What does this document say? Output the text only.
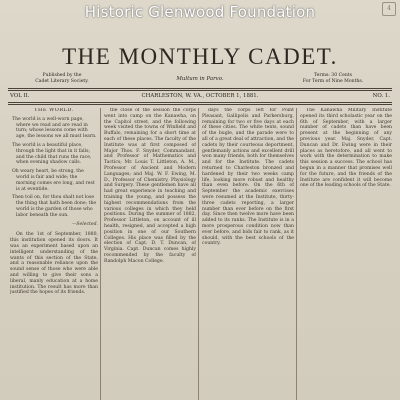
4
Historic Glenwood Foundation
THE MONTHLY CADET.
Published by the
Cadet Literary Society.	Multum in Parvo.
Terms: 30 Cents
For Term of Nine Months.
VOL II.	CHARLESTON, W. VA., OCTOBER 1, 1881.	NO. 1.
THE WORLD.

The world is a well-worn page, where we read and are read in turn; whose lessons come with age, the lessons we all must learn.

The world is a beautiful place, through the light that in it falls; and the child that runs the race, when evening shadow calls.

Oh weary heart, be strong, the world is fair and wide; the morning comes ere long, and rest is at eventide.

Then toil on, for thou shalt not lose the thing that hath been done; the world is the garden of those who labor beneath the sun.

—Selected.

On the 1st of September, 1880, this institution opened its doors. It was an experiment based upon an intelligent understanding of the wants of this section of the State, and a reasonable reliance upon the sound sense of those who were able and willing to give their sons a liberal, manly education at a home institution. The result has more than justified the hopes of its friends.

the close of the session the corps went into camp on the Kanawha, on the Capitol street, and the following week visited the towns of Winfield and Buffalo, remaining for a short time at each of these places. The faculty of the Institute was at first composed of Major Thos. F. Snyder, Commandant, and Professor of Mathematics and Tactics; Mr. Louis T. Littleton, A. M., Professor of Ancient and Modern Languages; and Maj. W. F. Ewing, M. D., Professor of Chemistry, Physiology and Surgery. These gentlemen have all had great experience in teaching and training the young, and possess the highest recommendations from the various colleges in which they held positions. During the summer of 1882, Professor Littleton, on account of ill health, resigned, and accepted a high position in one of our Southern Colleges. His place was filled by the election of Capt. D. T. Duncan, of Virginia. Capt. Duncan comes highly recommended by the faculty of Randolph Macon College.

days the corps left for Point Pleasant, Gallipolis and Parkersburg, remaining for two or five days at each of these cities. The white tents, sound of the bugle, and the parade were to all of a great deal of attraction, and the cadets by their courteous deportment, gentlemanly actions and excellent drill won many friends, both for themselves and for the Institute. The cadets returned to Charleston bronzed and hardened by their two weeks camp life, looking more robust and healthy than even before. On the 6th of September the academic exercises were resumed at the Institute, thirty-three cadets reporting, a larger number than ever before on the first day. Since then twelve more have been added to its ranks. The Institute is in a more prosperous condition now than ever before, and bids fair to rank, as it should, with the best schools of the country.

The Kanawha Military Institute opened its third scholastic year on the 6th of September, with a larger number of cadets than have been present at the beginning of any previous year. Maj. Snyder, Capt. Duncan and Dr. Ewing were in their places as heretofore, and all went to work with the determination to make this session a success. The school has begun in a manner that promises well for the future, and the friends of the Institute are confident it will become one of the leading schools of the State.
